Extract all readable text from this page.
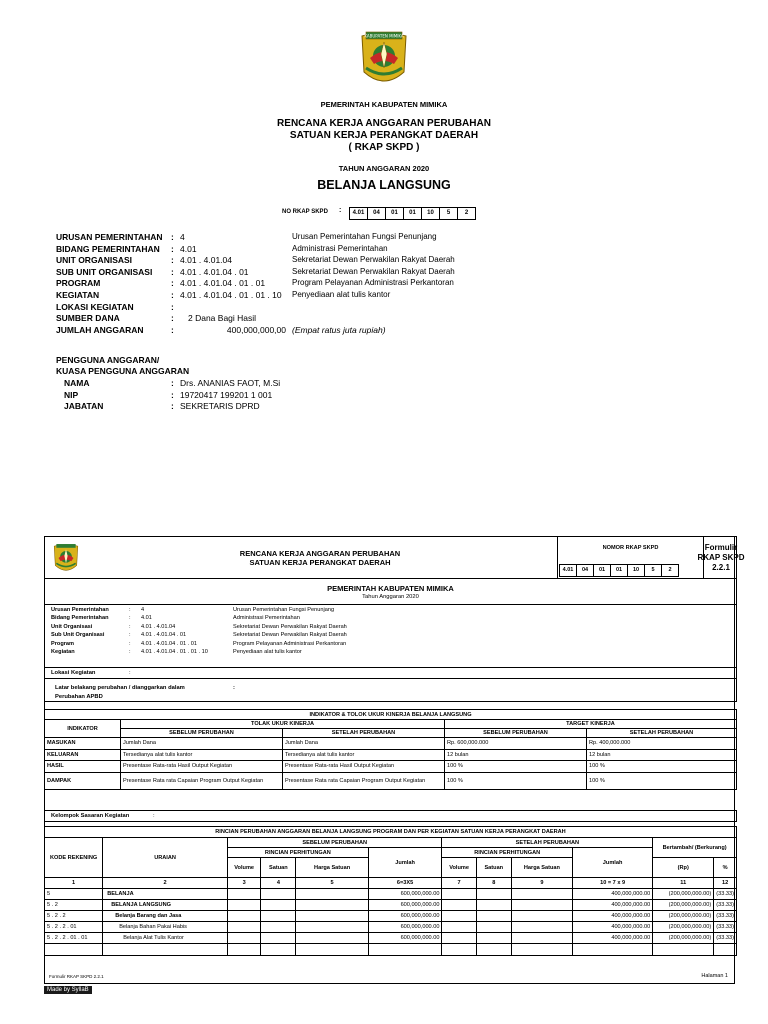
KABUPATEN MIMIKA
PEMERINTAH KABUPATEN MIMIKA
RENCANA KERJA ANGGARAN PERUBAHAN
SATUAN KERJA PERANGKAT DAERAH
( RKAP SKPD )
TAHUN ANGGARAN 2020
BELANJA LANGSUNG
NO RKAP SKPD :	4.01 04 01 01 10 5 2
URUSAN PEMERINTAHAN : 4	Urusan Pemerintahan Fungsi Penunjang
BIDANG PEMERINTAHAN : 4.01	Administrasi Pemerintahan
UNIT ORGANISASI	: 4.01 . 4.01.04	Sekretariat Dewan Perwakilan Rakyat Daerah
SUB UNIT ORGANISASI : 4.01 . 4.01.04 . 01	Sekretariat Dewan Perwakilan Rakyat Daerah
PROGRAM	: 4.01 . 4.01.04 . 01 . 01	Program Pelayanan Administrasi Perkantoran
KEGIATAN	: 4.01 . 4.01.04 . 01 . 01 . 10 Penyediaan alat tulis kantor
LOKASI KEGIATAN	:
SUMBER DANA	: 2 Dana Bagi Hasil
JUMLAH ANGGARAN	:	400,000,000,00 (Empat ratus juta rupiah)
PENGGUNA ANGGARAN/
KUASA PENGGUNA ANGGARAN
NAMA	: Drs. ANANIAS FAOT, M.Si
NIP	: 19720417 199201 1 001
JABATAN	: SEKRETARIS DPRD
RENCANA KERJA ANGGARAN PERUBAHAN
SATUAN KERJA PERANGKAT DAERAH
NOMOR RKAP SKPD
4.01 04 01 01 10 5	2
Formulir
RKAP SKPD
2.2.1
PEMERINTAH KABUPATEN MIMIKA
Tahun Anggaran 2020
Urusan Pemerintahan	: 4	Urusan Pemerintahan Fungsi Penunjang
Bidang Pemerintahan	: 4.01	Administrasi Pemerintahan
Unit Organisasi	: 4.01 . 4.01.04	Sekretariat Dewan Perwakilan Rakyat Daerah
Sub Unit Organisasi	: 4.01 . 4.01.04 . 01	Sekretariat Dewan Perwakilan Rakyat Daerah
Program	: 4.01 . 4.01.04 . 01 . 01	Program Pelayanan Administrasi Perkantoran
Kegiatan	: 4.01 . 4.01.04 . 01 . 01 . 10	Penyediaan alat tulis kantor
Lokasi Kegiatan	:
Latar belakang perubahan / dianggarkan dalam	:
Perubahan APBD
INDIKATOR & TOLOK UKUR KINERJA BELANJA LANGSUNG				
INDIKATOR	TOLAK UKUR KINERJA		TARGET KINERJA	
	SEBELUM PERUBAHAN	SETELAH PERUBAHAN	SEBELUM PERUBAHAN	SETELAH PERUBAHAN
MASUKAN	Jumlah Dana	Jumlah Dana	Rp. 600,000.000	Rp. 400,000.000
KELUARAN	Tersedianya alat tulis kantor	Tersedianya alat tulis kantor	12 bulan	12 bulan
HASIL	Presentase Rata-rata Hasil Output Kegiatan	Presentase Rata-rata Hasil Output Kegiatan	100 %	100 %
DAMPAK	Presentase Rata rata Capaian Program Output Kegiatan	Presentase Rata rata Capaian Program Output Kegiatan	100 %	100 %
Kelompok Sasaran Kegiatan	:
RINCIAN PERUBAHAN ANGGARAN BELANJA LANGSUNG PROGRAM DAN PER KEGIATAN SATUAN KERJA PERANGKAT DAERAH											
KODE REKENING	URAIAN	SEBELUM PERUBAHAN				SETELAH PERUBAHAN				Bertambah/ (Berkurang)	
		RINCIAN PERHITUNGAN			Jumlah	RINCIAN PERHITUNGAN			Jumlah		
		Volume	Satuan	Harga Satuan		Volume	Satuan	Harga Satuan		(Rp)	%
1	2	3	4	5	6=3X5	7	8	9	10 = 7 x 9	11	12
5	BELANJA				600,000,000.00				400,000,000.00	(200,000,000.00)	(33.33)
5 . 2	BELANJA LANGSUNG				600,000,000.00				400,000,000.00	(200,000,000.00)	(33.33)
5 . 2 . 2	Belanja Barang dan Jasa				600,000,000.00				400,000,000.00	(200,000,000.00)	(33.33)
5 . 2 . 2 . 01	Belanja Bahan Pakai Habis				600,000,000.00				400,000,000.00	(200,000,000.00)	(33.33)
5 . 2 . 2 . 01 . 01	Belanja Alat Tulis Kantor				600,000,000.00				400,000,000.00	(200,000,000.00)	(33.33)

Formulir RKAP SKPD 2.2.1	Halaman 1
Made by SyllaB
